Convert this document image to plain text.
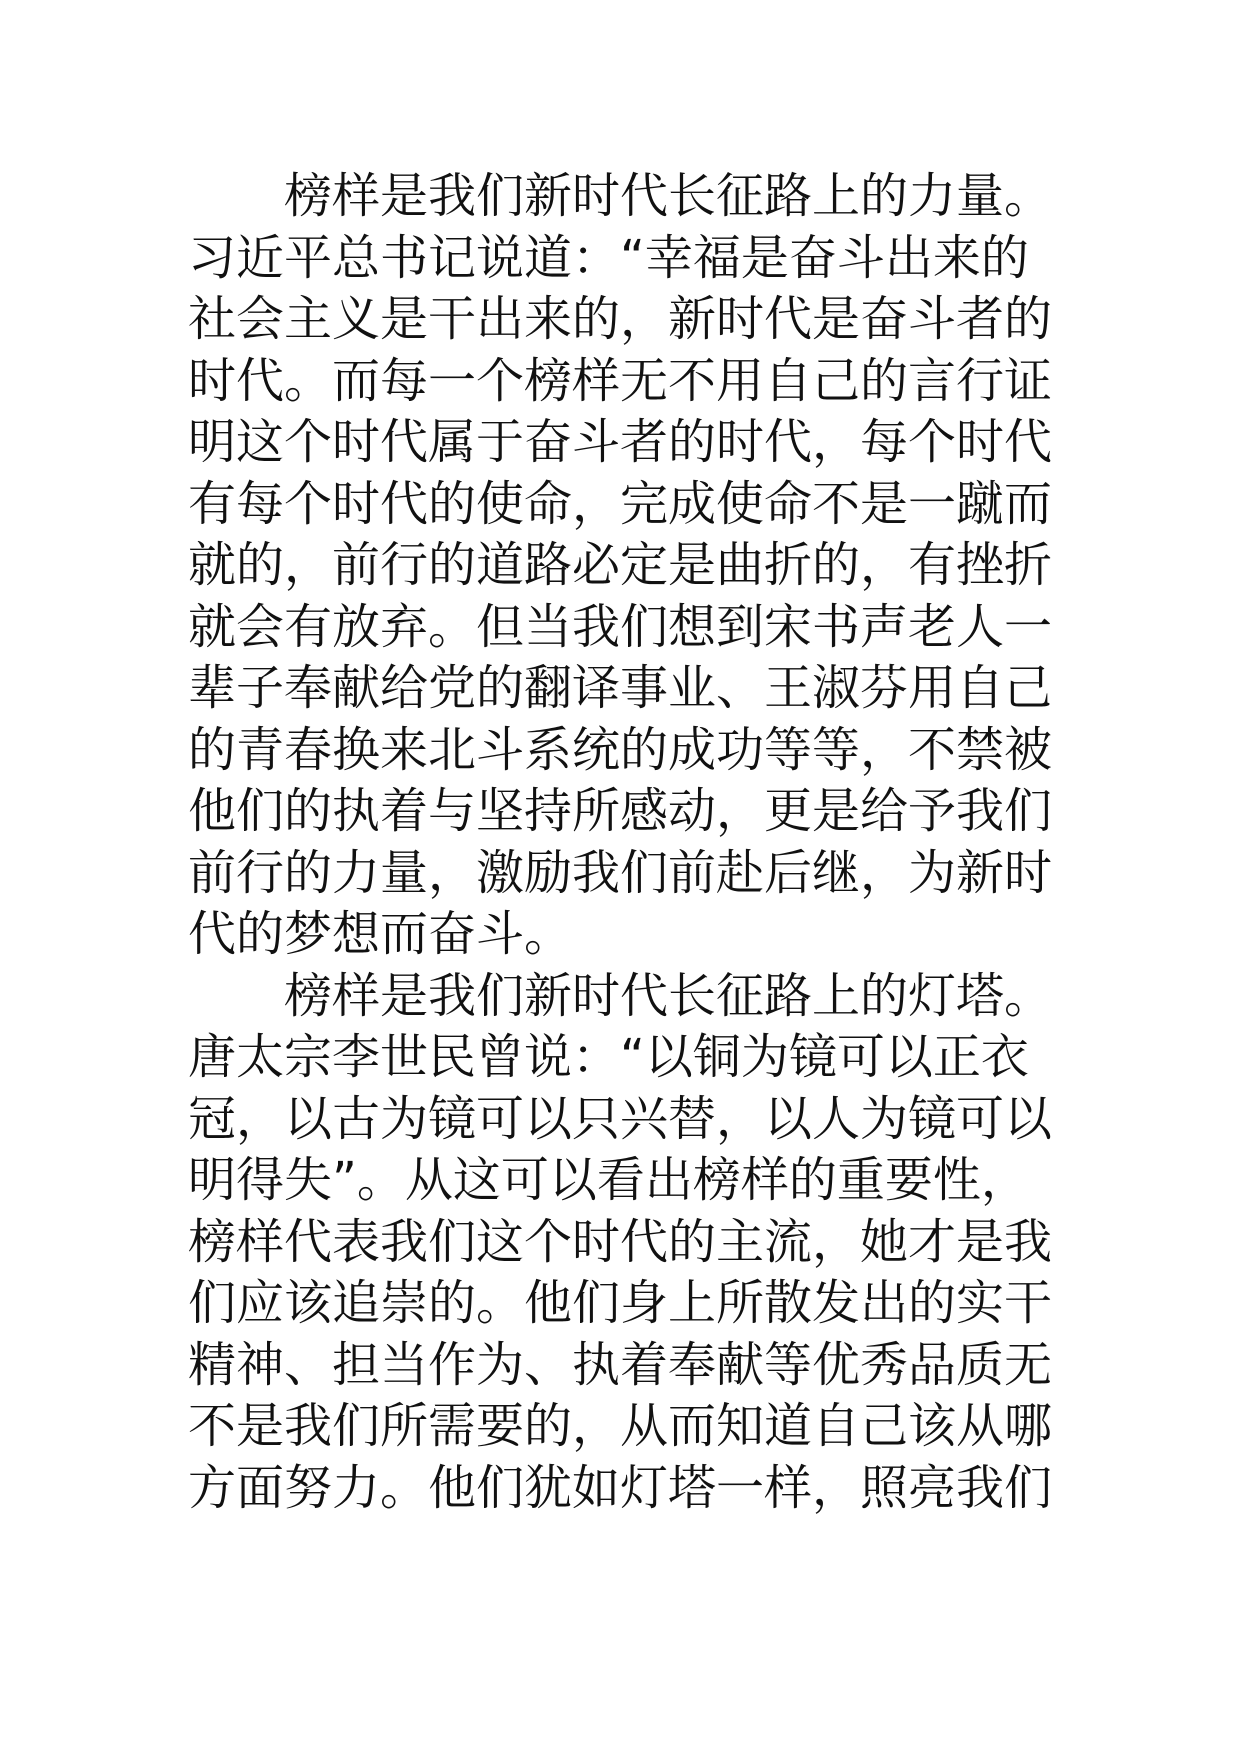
榜样是我们新时代长征路上的力量。
习近平总书记说道：“幸福是奋斗出来的
社会主义是干出来的，新时代是奋斗者的
时代。而每一个榜样无不用自己的言行证
明这个时代属于奋斗者的时代，每个时代
有每个时代的使命，完成使命不是一蹴而
就的，前行的道路必定是曲折的，有挫折
就会有放弃。但当我们想到宋书声老人一
辈子奉献给党的翻译事业、王淑芬用自己
的青春换来北斗系统的成功等等，不禁被
他们的执着与坚持所感动，更是给予我们
前行的力量，激励我们前赴后继，为新时
代的梦想而奋斗。
榜样是我们新时代长征路上的灯塔。
唐太宗李世民曾说：“以铜为镜可以正衣
冠，以古为镜可以只兴替，以人为镜可以
明得失”。从这可以看出榜样的重要性，
榜样代表我们这个时代的主流，她才是我
们应该追崇的。他们身上所散发出的实干
精神、担当作为、执着奉献等优秀品质无
不是我们所需要的，从而知道自己该从哪
方面努力。他们犹如灯塔一样，照亮我们
